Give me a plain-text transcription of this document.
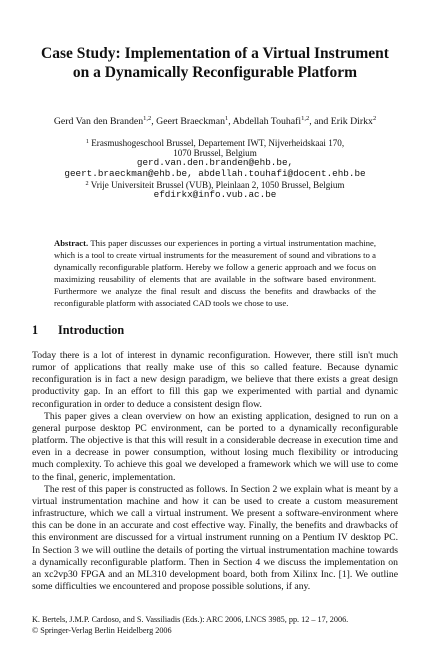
Case Study: Implementation of a Virtual Instrument
on a Dynamically Reconfigurable Platform
Gerd Van den Branden$^{1,2}$, Geert Braeckman$^1$, Abdellah Touhafi$^{1,2}$, and Erik Dirkx$^2$
$^1$ Erasmushogeschool Brussel, Departement IWT, Nijverheidskaai 170,
1070 Brussel, Belgium
gerd.van.den.branden@ehb.be,
geert.braeckman@ehb.be, abdellah.touhafi@docent.ehb.be
$^2$ Vrije Universiteit Brussel (VUB), Pleinlaan 2, 1050 Brussel, Belgium
efdirkx@info.vub.ac.be
Abstract. This paper discusses our experiences in porting a virtual instrumentation machine, which is a tool to create virtual instruments for the measurement of sound and vibrations to a dynamically reconfigurable platform. Hereby we follow a generic approach and we focus on maximizing reusability of elements that are available in the software based environment. Furthermore we analyze the final result and discuss the benefits and drawbacks of the reconfigurable platform with associated CAD tools we chose to use.
1 Introduction

Today there is a lot of interest in dynamic reconfiguration. However, there still isn't much rumor of applications that really make use of this so called feature. Because dynamic reconfiguration is in fact a new design paradigm, we believe that there exists a great design productivity gap. In an effort to fill this gap we experimented with partial and dynamic reconfiguration in order to deduce a consistent design flow.

This paper gives a clean overview on how an existing application, designed to run on a general purpose desktop PC environment, can be ported to a dynamically reconfigurable platform. The objective is that this will result in a considerable decrease in execution time and even in a decrease in power consumption, without losing much flexibility or introducing much complexity. To achieve this goal we developed a framework which we will use to come to the final, generic, implementation.

The rest of this paper is constructed as follows. In Section 2 we explain what is meant by a virtual instrumentation machine and how it can be used to create a custom measurement infrastructure, which we call a virtual instrument. We present a software-environment where this can be done in an accurate and cost effective way. Finally, the benefits and drawbacks of this environment are discussed for a virtual instrument running on a Pentium IV desktop PC. In Section 3 we will outline the details of porting the virtual instrumentation machine towards a dynamically reconfigurable platform. Then in Section 4 we discuss the implementation on an xc2vp30 FPGA and an ML310 development board, both from Xilinx Inc. [1]. We outline some difficulties we encountered and propose possible solutions, if any.

K. Bertels, J.M.P. Cardoso, and S. Vassiliadis (Eds.): ARC 2006, LNCS 3985, pp. 12 – 17, 2006.
© Springer-Verlag Berlin Heidelberg 2006
